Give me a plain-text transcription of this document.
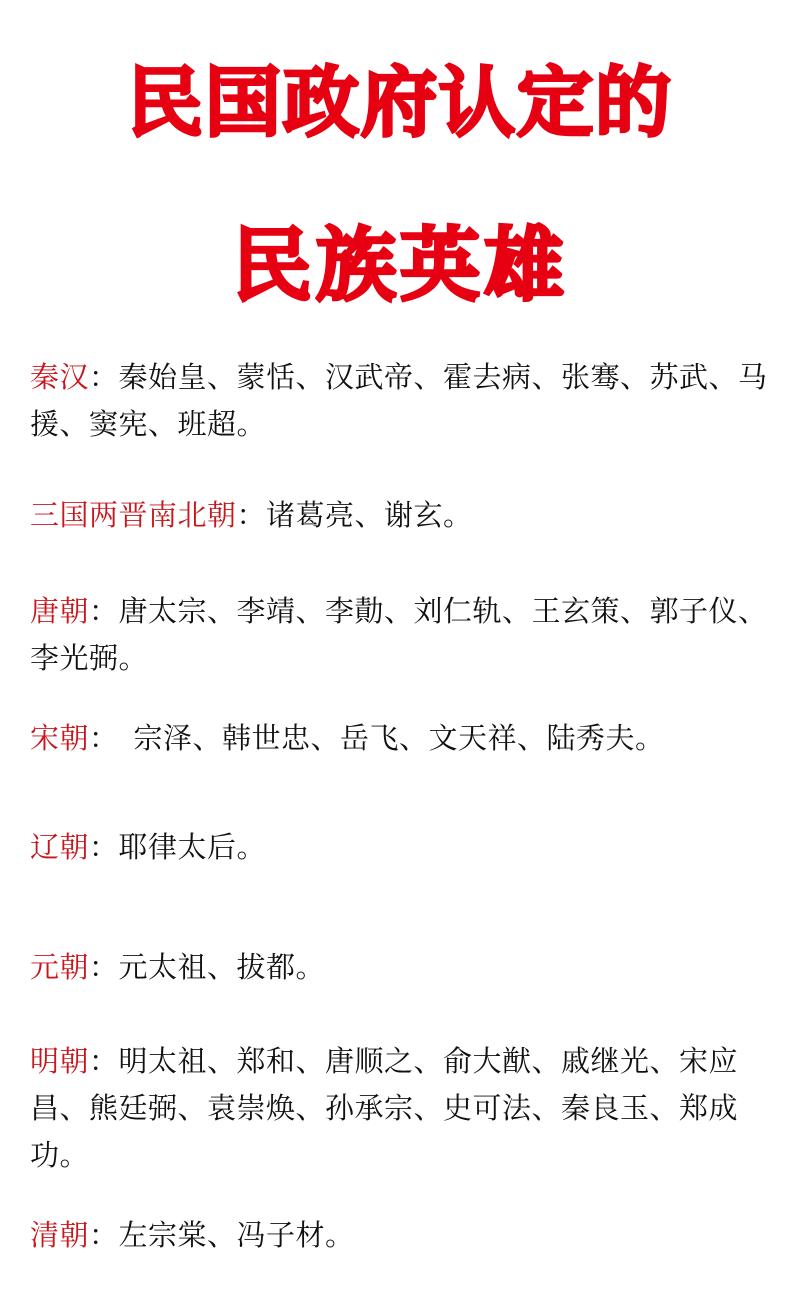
民国政府认定的
民族英雄
秦汉：秦始皇、蒙恬、汉武帝、霍去病、张骞、苏武、马援、窦宪、班超。
三国两晋南北朝：诸葛亮、谢玄。
唐朝：唐太宗、李靖、李勣、刘仁轨、王玄策、郭子仪、李光弼。
宋朝：　宗泽、韩世忠、岳飞、文天祥、陆秀夫。
辽朝：耶律太后。
元朝：元太祖、拔都。
明朝：明太祖、郑和、唐顺之、俞大猷、戚继光、宋应昌、熊廷弼、袁崇焕、孙承宗、史可法、秦良玉、郑成功。
清朝：左宗棠、冯子材。
